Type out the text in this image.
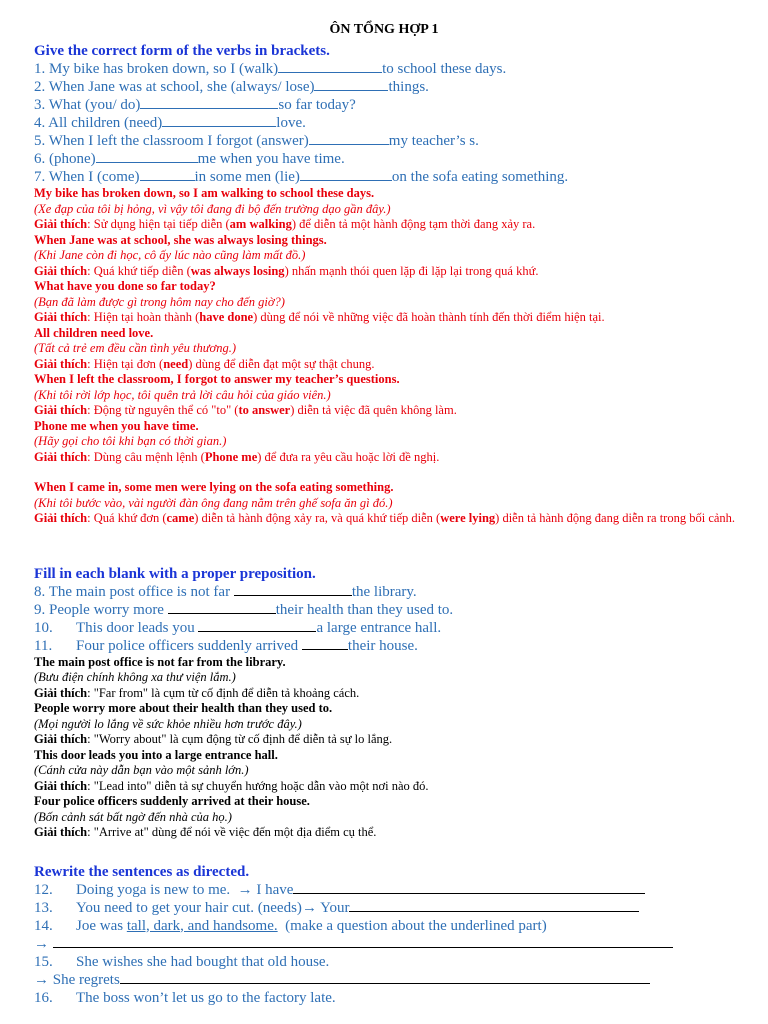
ÔN TỔNG HỢP 1
Give the correct form of the verbs in brackets.
1. My bike has broken down, so I (walk)	to school these days.
2. When Jane was at school, she (always/ lose)	things.
3. What (you/ do)	so far today?
4. All children (need)	love.
5. When I left the classroom I forgot (answer)	my teacher’s s.
6. (phone)	me when you have time.
7. When I (come)	in some men (lie)	on the sofa eating something.
My bike has broken down, so I am walking to school these days.
(Xe đạp của tôi bị hỏng, vì vậy tôi đang đi bộ đến trường dạo gần đây.)
Giải thích: Sử dụng hiện tại tiếp diễn (am walking) để diễn tả một hành động tạm thời đang xảy ra.
When Jane was at school, she was always losing things.
(Khi Jane còn đi học, cô ấy lúc nào cũng làm mất đồ.)
Giải thích: Quá khứ tiếp diễn (was always losing) nhấn mạnh thói quen lặp đi lặp lại trong quá khứ.
What have you done so far today?
(Bạn đã làm được gì trong hôm nay cho đến giờ?)
Giải thích: Hiện tại hoàn thành (have done) dùng để nói về những việc đã hoàn thành tính đến thời điểm hiện tại.
All children need love.
(Tất cả trẻ em đều cần tình yêu thương.)
Giải thích: Hiện tại đơn (need) dùng để diễn đạt một sự thật chung.
When I left the classroom, I forgot to answer my teacher’s questions.
(Khi tôi rời lớp học, tôi quên trả lời câu hỏi của giáo viên.)
Giải thích: Động từ nguyên thể có "to" (to answer) diễn tả việc đã quên không làm.
Phone me when you have time.
(Hãy gọi cho tôi khi bạn có thời gian.)
Giải thích: Dùng câu mệnh lệnh (Phone me) để đưa ra yêu cầu hoặc lời đề nghị.
When I came in, some men were lying on the sofa eating something.
(Khi tôi bước vào, vài người đàn ông đang nằm trên ghế sofa ăn gì đó.)
Giải thích: Quá khứ đơn (came) diễn tả hành động xảy ra, và quá khứ tiếp diễn (were lying) diễn tả hành động đang diễn ra trong bối cảnh.
Fill in each blank with a proper preposition.
8. The main post office is not far	the library.
9. People worry more	their health than they used to.
10. This door leads you	a large entrance hall.
11. Four police officers suddenly arrived	their house.
The main post office is not far from the library.
(Bưu điện chính không xa thư viện lắm.)
Giải thích: "Far from" là cụm từ cố định để diễn tả khoảng cách.
People worry more about their health than they used to.
(Mọi người lo lắng về sức khỏe nhiều hơn trước đây.)
Giải thích: "Worry about" là cụm động từ cố định để diễn tả sự lo lắng.
This door leads you into a large entrance hall.
(Cánh cửa này dẫn bạn vào một sảnh lớn.)
Giải thích: "Lead into" diễn tả sự chuyển hướng hoặc dẫn vào một nơi nào đó.
Four police officers suddenly arrived at their house.
(Bốn cảnh sát bất ngờ đến nhà của họ.)
Giải thích: "Arrive at" dùng để nói về việc đến một địa điểm cụ thể.
Rewrite the sentences as directed.
12. Doing yoga is new to me. → I have
13. You need to get your hair cut. (needs)→ Your
14. Joe was tall, dark, and handsome. (make a question about the underlined part)
→
15. She wishes she had bought that old house.
→ She regrets
16. The boss won’t let us go to the factory late.
